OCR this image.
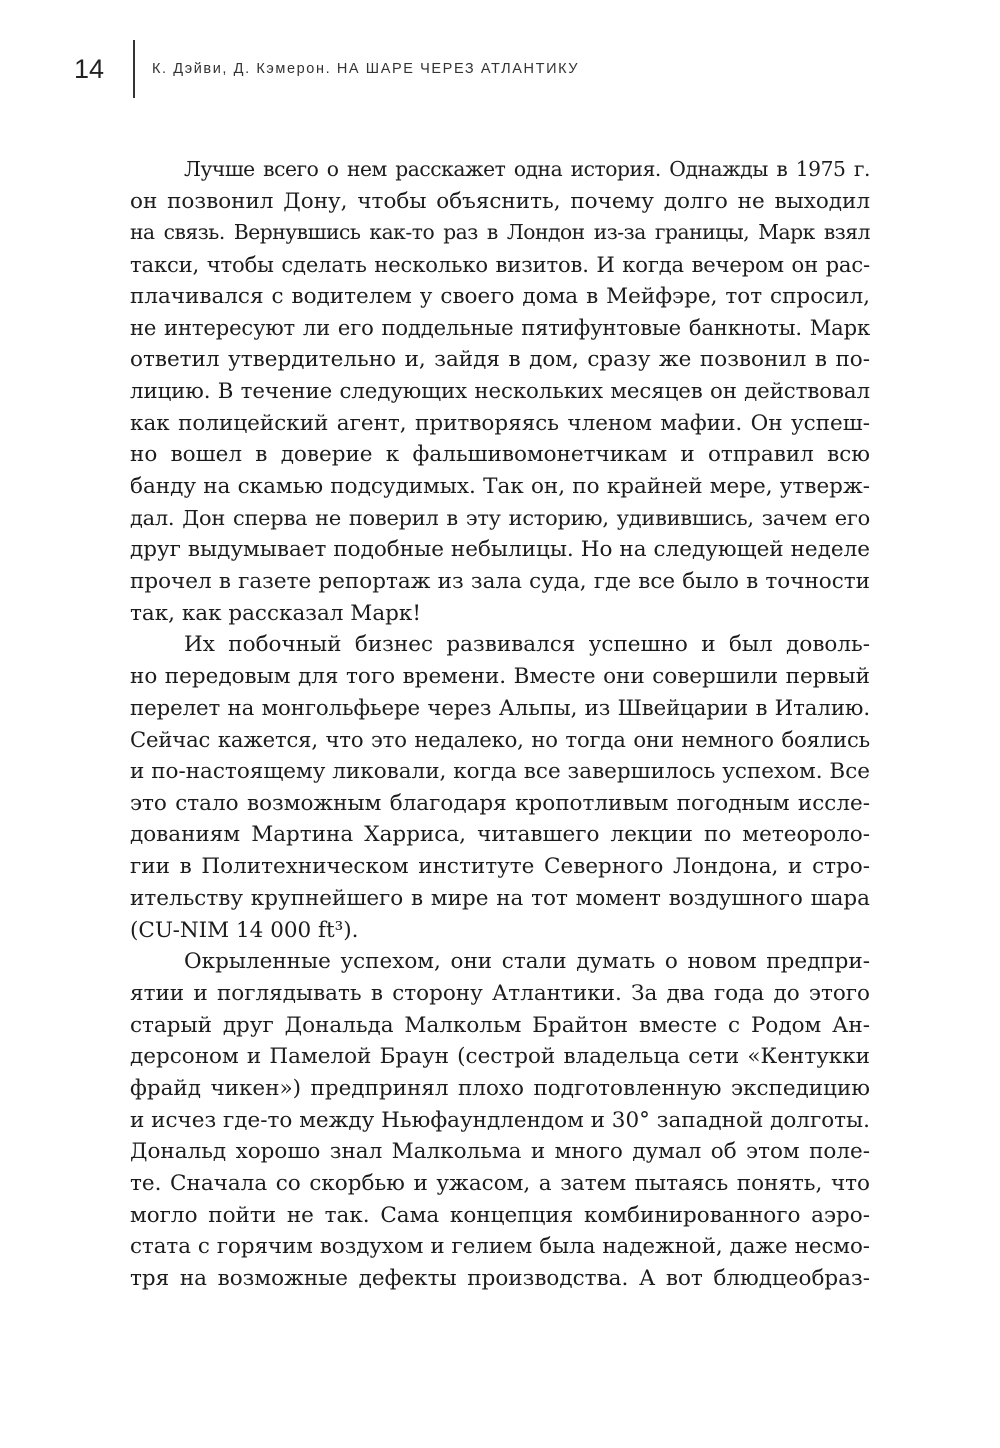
14	К. Дэйви, Д. Кэмерон. НА ШАРЕ ЧЕРЕЗ АТЛАНТИКУ
Лучше всего о нем расскажет одна история. Однажды в 1975 г.
он позвонил Дону, чтобы объяснить, почему долго не выходил
на связь. Вернувшись как-то раз в Лондон из-за границы, Марк взял
такси, чтобы сделать несколько визитов. И когда вечером он рас-
плачивался с водителем у своего дома в Мейфэре, тот спросил,
не интересуют ли его поддельные пятифунтовые банкноты. Марк
ответил утвердительно и, зайдя в дом, сразу же позвонил в по-
лицию. В течение следующих нескольких месяцев он действовал
как полицейский агент, притворяясь членом мафии. Он успеш-
но вошел в доверие к фальшивомонетчикам и отправил всю
банду на скамью подсудимых. Так он, по крайней мере, утверж-
дал. Дон сперва не поверил в эту историю, удивившись, зачем его
друг выдумывает подобные небылицы. Но на следующей неделе
прочел в газете репортаж из зала суда, где все было в точности
так, как рассказал Марк!
Их побочный бизнес развивался успешно и был доволь-
но передовым для того времени. Вместе они совершили первый
перелет на монгольфьере через Альпы, из Швейцарии в Италию.
Сейчас кажется, что это недалеко, но тогда они немного боялись
и по-настоящему ликовали, когда все завершилось успехом. Все
это стало возможным благодаря кропотливым погодным иссле-
дованиям Мартина Харриса, читавшего лекции по метеороло-
гии в Политехническом институте Северного Лондона, и стро-
ительству крупнейшего в мире на тот момент воздушного шара
(CU-NIM 14 000 ft³).
Окрыленные успехом, они стали думать о новом предпри-
ятии и поглядывать в сторону Атлантики. За два года до этого
старый друг Дональда Малкольм Брайтон вместе с Родом Ан-
дерсоном и Памелой Браун (сестрой владельца сети «Кентукки
фрайд чикен») предпринял плохо подготовленную экспедицию
и исчез где-то между Ньюфаундлендом и 30° западной долготы.
Дональд хорошо знал Малкольма и много думал об этом поле-
те. Сначала со скорбью и ужасом, а затем пытаясь понять, что
могло пойти не так. Сама концепция комбинированного аэро-
стата с горячим воздухом и гелием была надежной, даже несмо-
тря на возможные дефекты производства. А вот блюдцеобраз-
